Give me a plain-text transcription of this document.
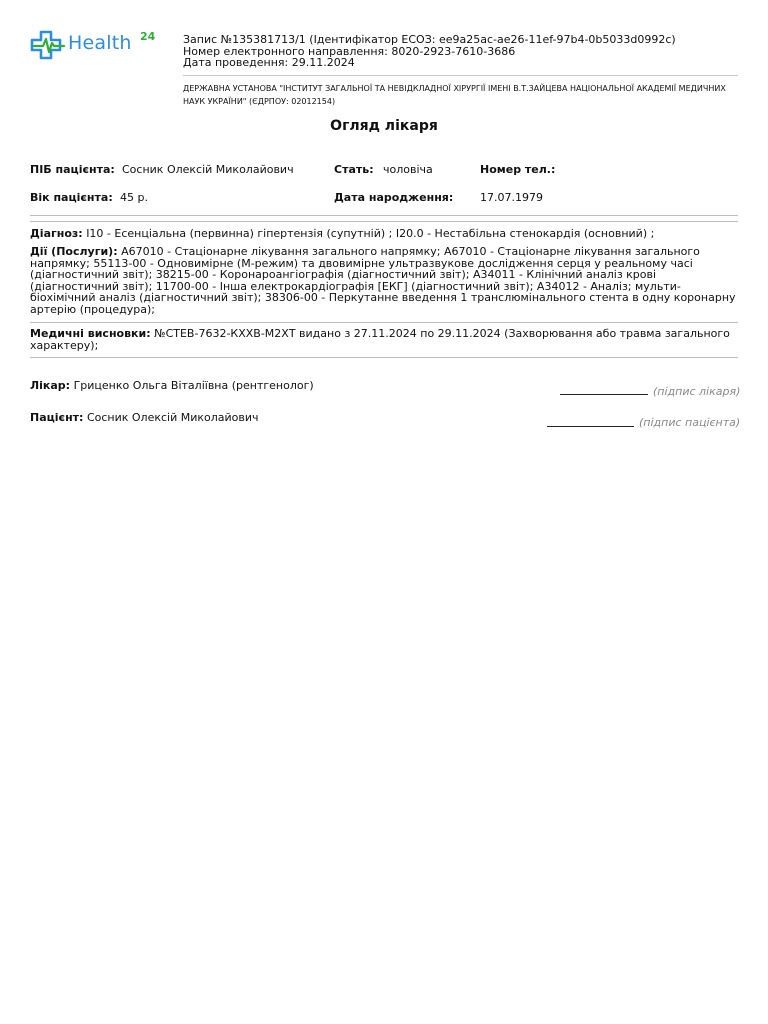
Health 24	Запис №135381713/1 (Ідентифікатор ЕСОЗ: ee9a25ac-ae26-11ef-97b4-0b5033d0992c)
Номер електронного направлення: 8020-2923-7610-3686
Дата проведення: 29.11.2024
ДЕРЖАВНА УСТАНОВА "ІНСТИТУТ ЗАГАЛЬНОЇ ТА НЕВІДКЛАДНОЇ ХІРУРГІЇ ІМЕНІ В.Т.ЗАЙЦЕВА НАЦІОНАЛЬНОЇ АКАДЕМІЇ МЕДИЧНИХ НАУК УКРАЇНИ" (ЄДРПОУ: 02012154)
Огляд лікаря
ПІБ пацієнта: Сосник Олексій Миколайович	Стать: чоловіча	Номер тел.:
Вік пацієнта: 45 р.	Дата народження: 17.07.1979
Діагноз: I10 - Есенціальна (первинна) гіпертензія (супутній) ; I20.0 - Нестабільна стенокардія (основний) ;
Дії (Послуги): A67010 - Стаціонарне лікування загального напрямку; A67010 - Стаціонарне лікування загального напрямку; 55113-00 - Одновимірне (М-режим) та двовимірне ультразвукове дослідження серця у реальному часі (діагностичний звіт); 38215-00 - Коронароангіографія (діагностичний звіт); A34011 - Клінічний аналіз крові (діагностичний звіт); 11700-00 - Інша електрокардіографія [ЕКГ] (діагностичний звіт); A34012 - Аналіз; мульти-біохімічний аналіз (діагностичний звіт); 38306-00 - Перкутанне введення 1 транслюмінального стента в одну коронарну артерію (процедура);
Медичні висновки: №СТЕВ-7632-КХХВ-М2ХТ видано з 27.11.2024 по 29.11.2024 (Захворювання або травма загального характеру);
Лікар: Гриценко Ольга Віталіївна (рентгенолог)	(підпис лікаря)
Пацієнт: Сосник Олексій Миколайович	(підпис пацієнта)
